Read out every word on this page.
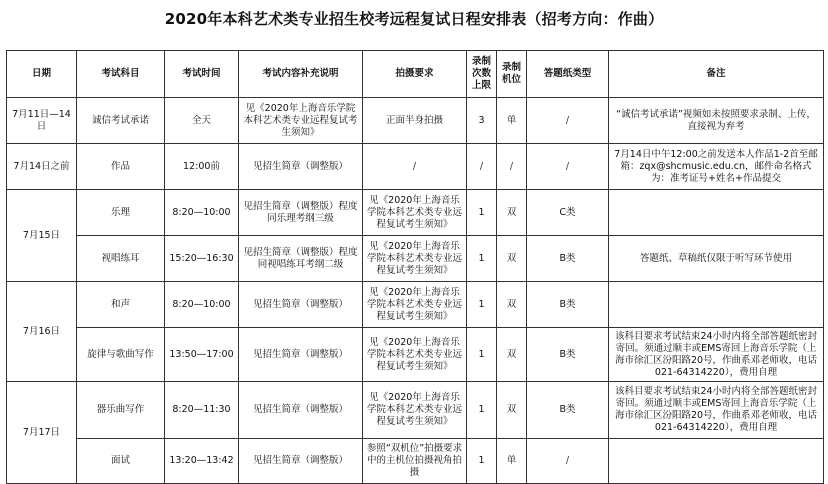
2020年本科艺术类专业招生校考远程复试日程安排表（招考方向：作曲）
日期	考试科目	考试时间	考试内容补充说明	拍摄要求	录制次数上限	录制机位	答题纸类型	备注
7月11日—14日	诚信考试承诺	全天	见《2020年上海音乐学院本科艺术类专业远程复试考生须知》	正面半身拍摄	3	单	/	“诚信考试承诺”视频如未按照要求录制、上传，直接视为弃考
7月14日之前	作品	12:00前	见招生简章（调整版）	/	/	/	/	7月14日中午12:00之前发送本人作品1-2首至邮箱：zqx@shcmusic.edu.cn，邮件命名格式为：准考证号+姓名+作品提交
7月15日	乐理	8:20—10:00	见招生简章（调整版）程度同乐理考纲三级	见《2020年上海音乐学院本科艺术类专业远程复试考生须知》	1	双	C类	
	视唱练耳	15:20—16:30	见招生简章（调整版）程度同视唱练耳考纲二级	见《2020年上海音乐学院本科艺术类专业远程复试考生须知》	1	双	B类	答题纸、草稿纸仅限于听写环节使用
7月16日	和声	8:20—10:00	见招生简章（调整版）	见《2020年上海音乐学院本科艺术类专业远程复试考生须知》	1	双	B类	
	旋律与歌曲写作	13:50—17:00	见招生简章（调整版）	见《2020年上海音乐学院本科艺术类专业远程复试考生须知》	1	双	B类	该科目要求考试结束24小时内将全部答题纸密封寄回。须通过顺丰或EMS寄回上海音乐学院（上海市徐汇区汾阳路20号，作曲系邓老师收，电话021-64314220），费用自理
7月17日	器乐曲写作	8:20—11:30	见招生简章（调整版）	见《2020年上海音乐学院本科艺术类专业远程复试考生须知》	1	双	B类	该科目要求考试结束24小时内将全部答题纸密封寄回。须通过顺丰或EMS寄回上海音乐学院（上海市徐汇区汾阳路20号，作曲系邓老师收，电话021-64314220），费用自理
	面试	13:20—13:42	见招生简章（调整版）	参照“双机位”拍摄要求中的主机位拍摄视角拍摄	1	单	/	
